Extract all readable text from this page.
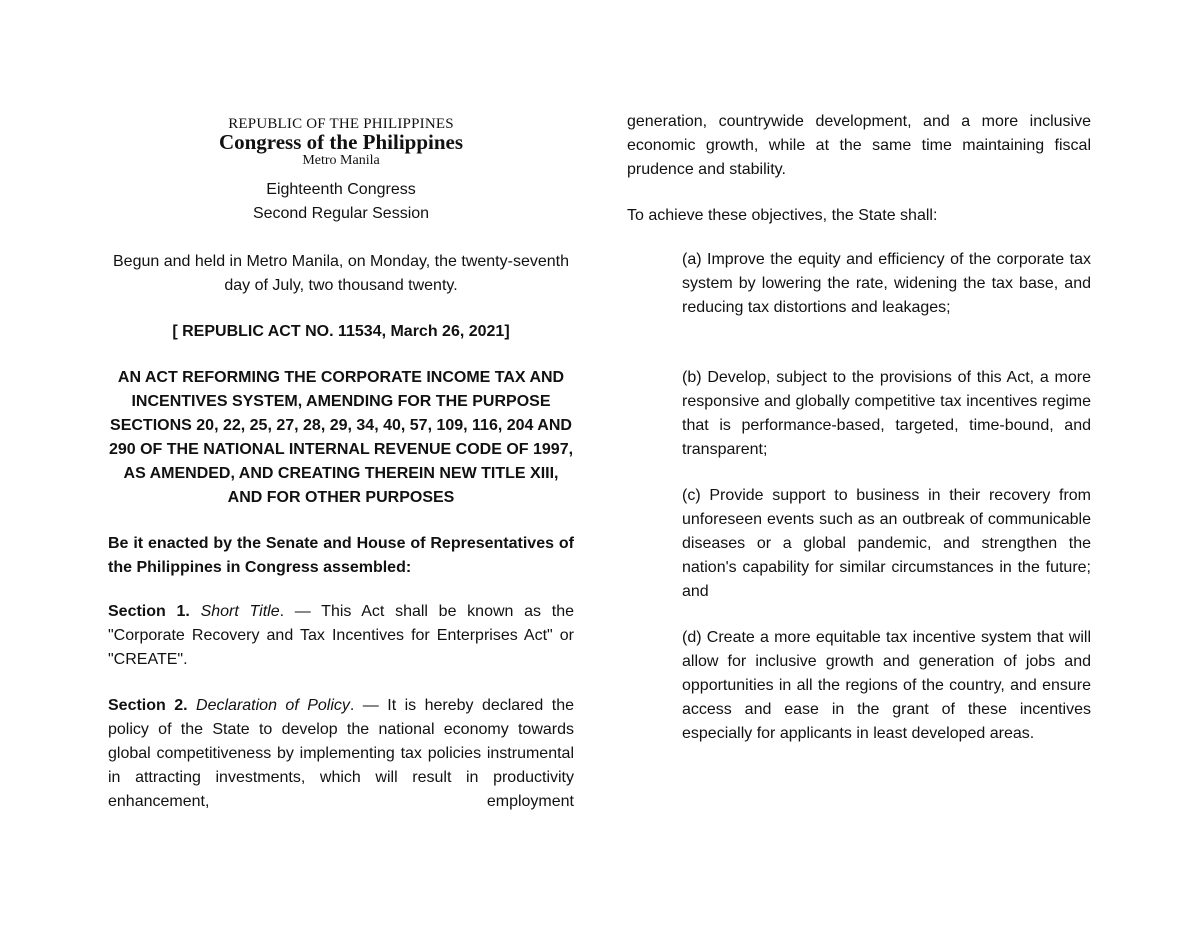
REPUBLIC OF THE PHILIPPINES
Congress of the Philippines
Metro Manila
Eighteenth Congress
Second Regular Session
Begun and held in Metro Manila, on Monday, the twenty-seventh day of July, two thousand twenty.
[ REPUBLIC ACT NO. 11534, March 26, 2021]
AN ACT REFORMING THE CORPORATE INCOME TAX AND INCENTIVES SYSTEM, AMENDING FOR THE PURPOSE SECTIONS 20, 22, 25, 27, 28, 29, 34, 40, 57, 109, 116, 204 AND 290 OF THE NATIONAL INTERNAL REVENUE CODE OF 1997, AS AMENDED, AND CREATING THEREIN NEW TITLE XIII, AND FOR OTHER PURPOSES
Be it enacted by the Senate and House of Representatives of the Philippines in Congress assembled:
Section 1. Short Title. — This Act shall be known as the "Corporate Recovery and Tax Incentives for Enterprises Act" or "CREATE".
Section 2. Declaration of Policy. — It is hereby declared the policy of the State to develop the national economy towards global competitiveness by implementing tax policies instrumental in attracting investments, which will result in productivity enhancement, employment
generation, countrywide development, and a more inclusive economic growth, while at the same time maintaining fiscal prudence and stability.
To achieve these objectives, the State shall:
(a) Improve the equity and efficiency of the corporate tax system by lowering the rate, widening the tax base, and reducing tax distortions and leakages;
(b) Develop, subject to the provisions of this Act, a more responsive and globally competitive tax incentives regime that is performance-based, targeted, time-bound, and transparent;
(c) Provide support to business in their recovery from unforeseen events such as an outbreak of communicable diseases or a global pandemic, and strengthen the nation's capability for similar circumstances in the future; and
(d) Create a more equitable tax incentive system that will allow for inclusive growth and generation of jobs and opportunities in all the regions of the country, and ensure access and ease in the grant of these incentives especially for applicants in least developed areas.
